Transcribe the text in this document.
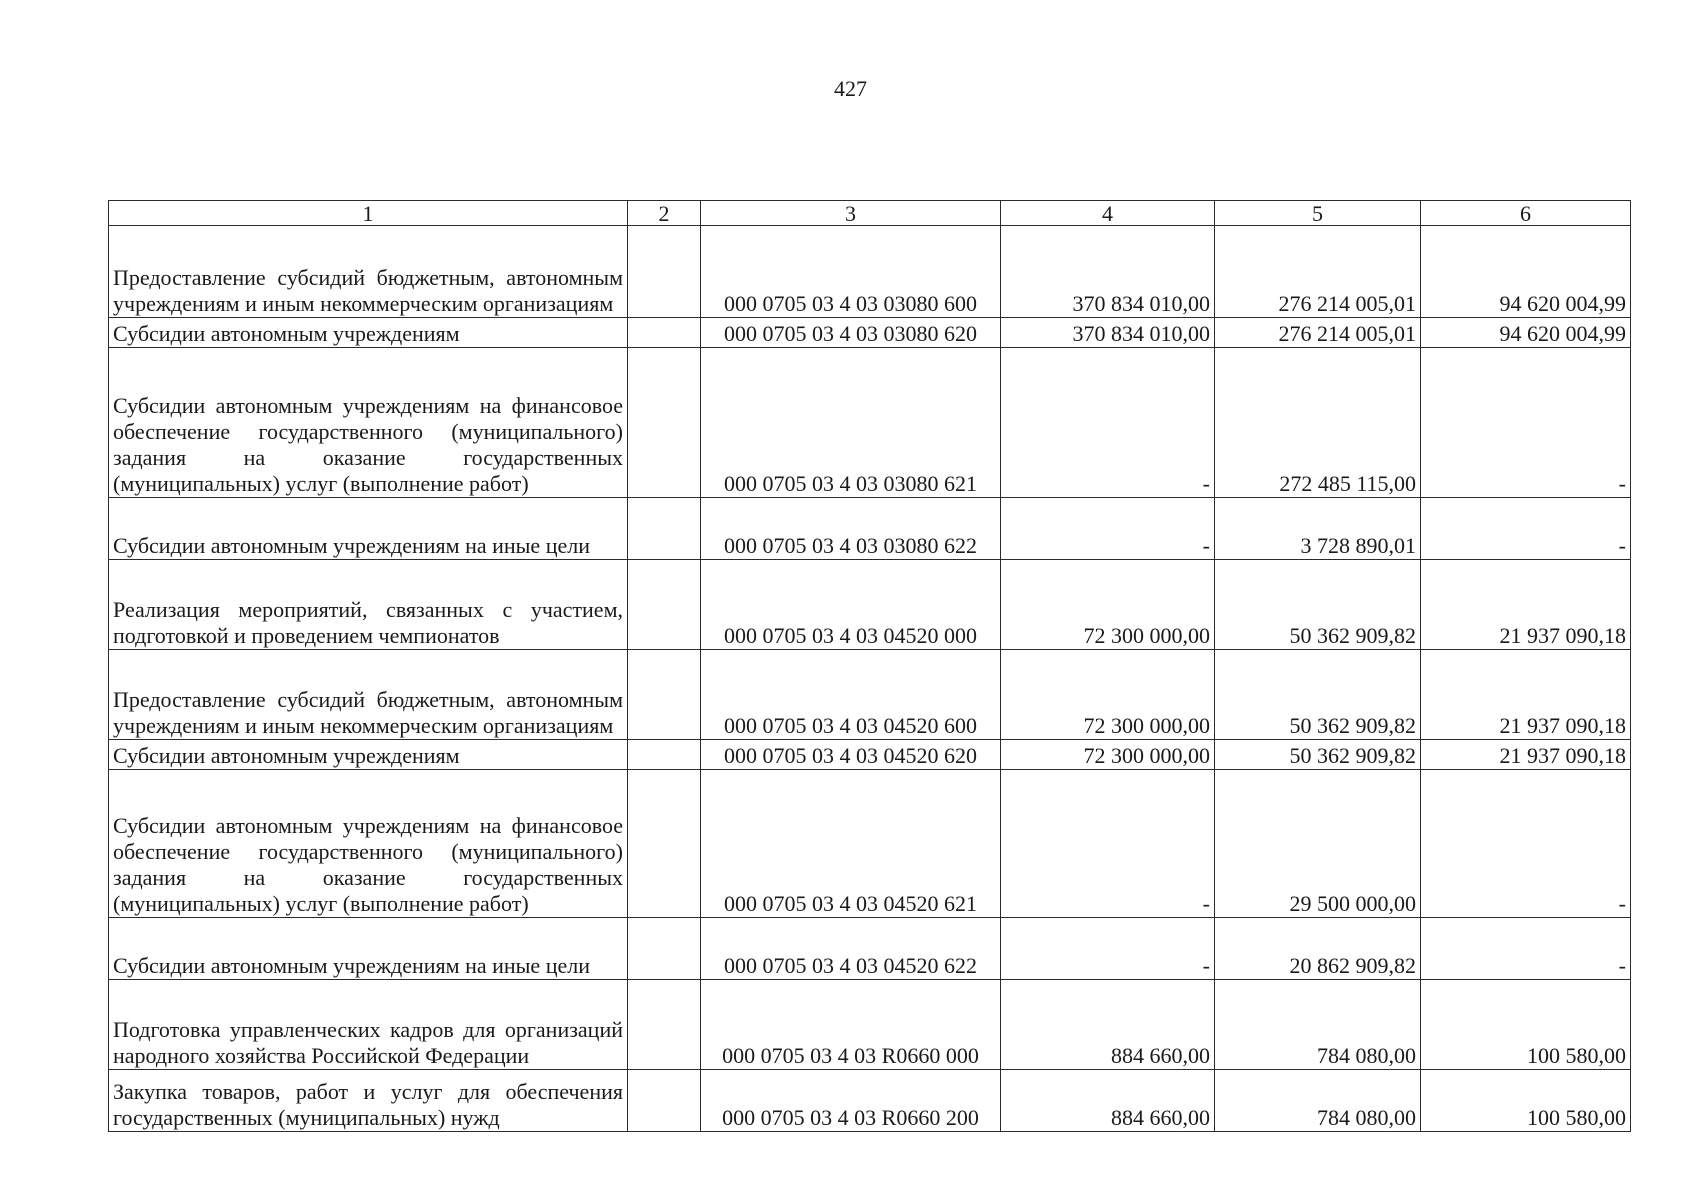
427
1	2	3	4	5	6
Предоставление субсидий бюджетным, автономным учреждениям и иным некоммерческим организациям		000 0705 03 4 03 03080 600	370 834 010,00	276 214 005,01	94 620 004,99
Субсидии автономным учреждениям		000 0705 03 4 03 03080 620	370 834 010,00	276 214 005,01	94 620 004,99
Субсидии автономным учреждениям на финансовое обеспечение государственного (муниципального) задания на оказание государственных (муниципальных) услуг (выполнение работ)		000 0705 03 4 03 03080 621	-	272 485 115,00	-
Субсидии автономным учреждениям на иные цели		000 0705 03 4 03 03080 622	-	3 728 890,01	-
Реализация мероприятий, связанных с участием, подготовкой и проведением чемпионатов		000 0705 03 4 03 04520 000	72 300 000,00	50 362 909,82	21 937 090,18
Предоставление субсидий бюджетным, автономным учреждениям и иным некоммерческим организациям		000 0705 03 4 03 04520 600	72 300 000,00	50 362 909,82	21 937 090,18
Субсидии автономным учреждениям		000 0705 03 4 03 04520 620	72 300 000,00	50 362 909,82	21 937 090,18
Субсидии автономным учреждениям на финансовое обеспечение государственного (муниципального) задания на оказание государственных (муниципальных) услуг (выполнение работ)		000 0705 03 4 03 04520 621	-	29 500 000,00	-
Субсидии автономным учреждениям на иные цели		000 0705 03 4 03 04520 622	-	20 862 909,82	-
Подготовка управленческих кадров для организаций народного хозяйства Российской Федерации		000 0705 03 4 03 R0660 000	884 660,00	784 080,00	100 580,00
Закупка товаров, работ и услуг для обеспечения государственных (муниципальных) нужд		000 0705 03 4 03 R0660 200	884 660,00	784 080,00	100 580,00
